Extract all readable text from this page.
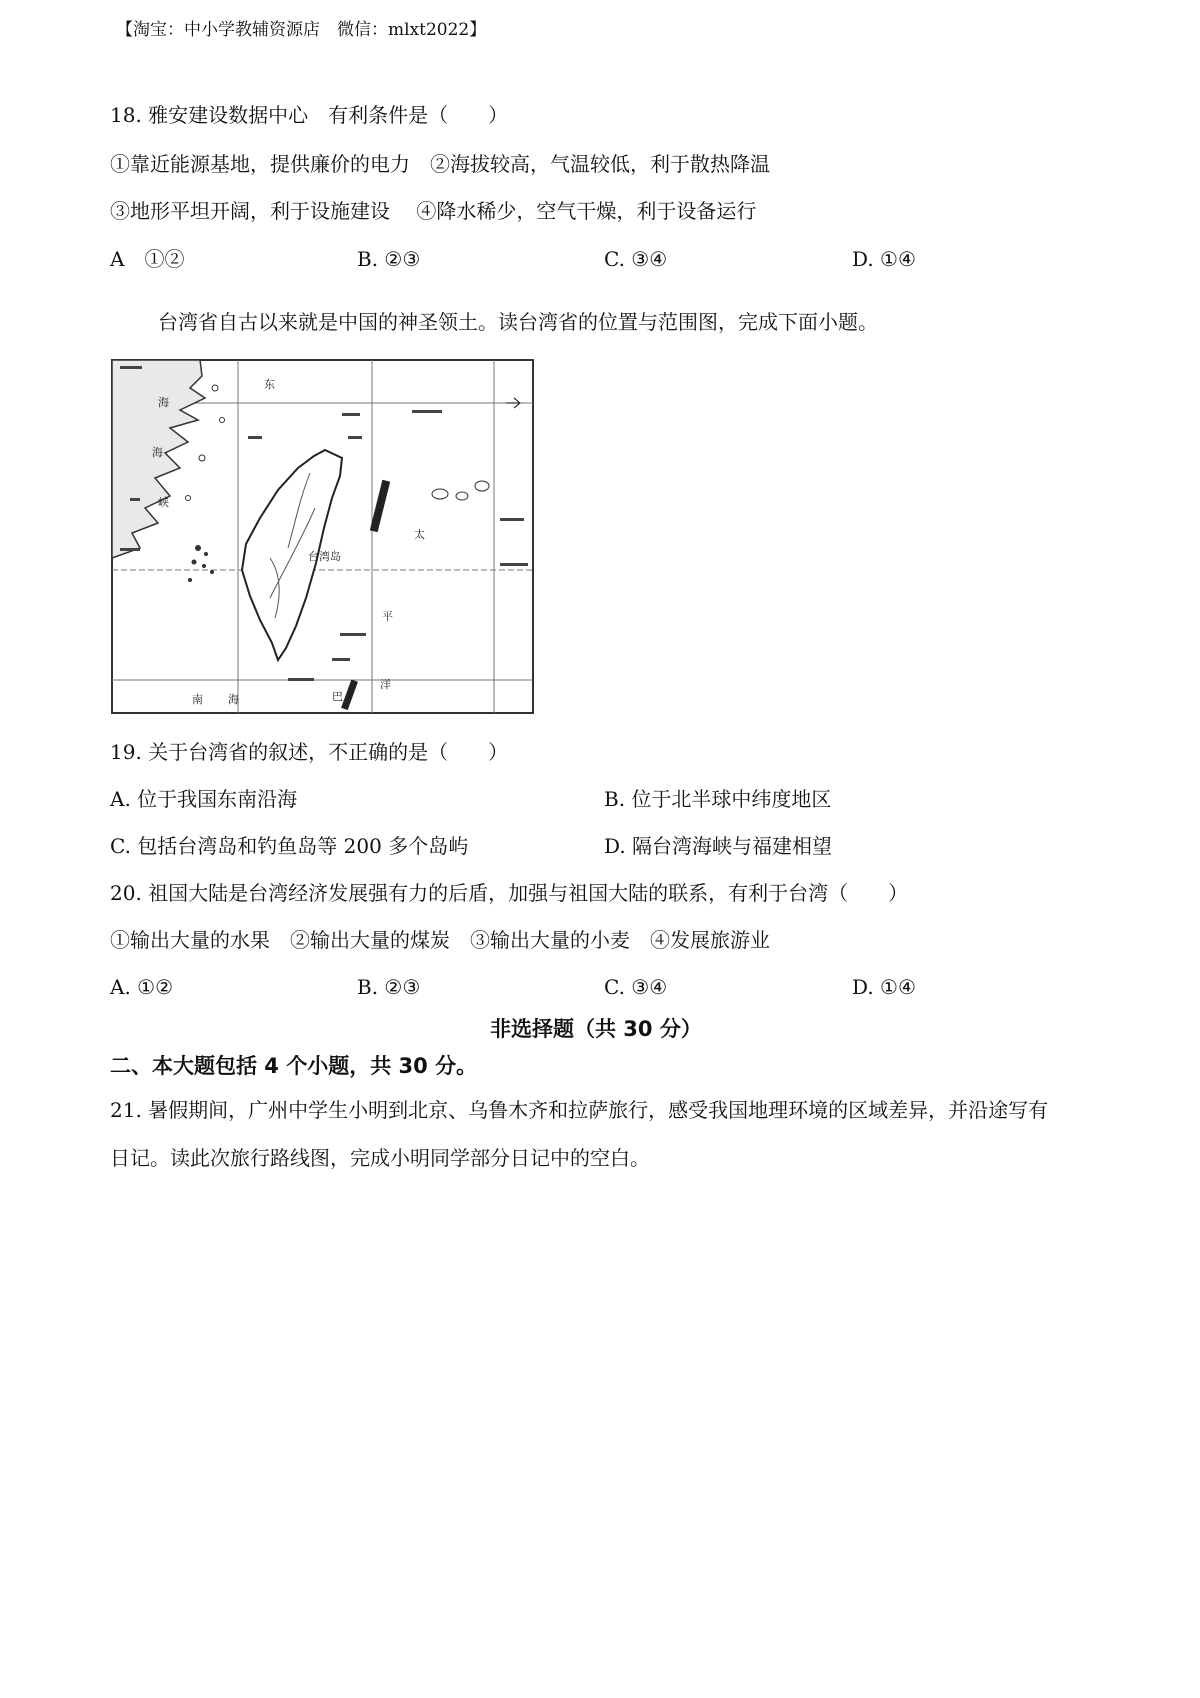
【淘宝：中小学教辅资源店　微信：mlxt2022】
18. 雅安建设数据中心　有利条件是（　　）
①靠近能源基地，提供廉价的电力　②海拔较高，气温较低，利于散热降温
③地形平坦开阔，利于设施建设　 ④降水稀少，空气干燥，利于设备运行
A　①②	B. ②③	C. ③④	D. ①④
台湾省自古以来就是中国的神圣领土。读台湾省的位置与范围图，完成下面小题。
东
海
台湾岛
太
平
洋
海
峡
南 海	巴
19. 关于台湾省的叙述，不正确的是（　　）
A. 位于我国东南沿海	B. 位于北半球中纬度地区
C. 包括台湾岛和钓鱼岛等 200 多个岛屿	D. 隔台湾海峡与福建相望
20. 祖国大陆是台湾经济发展强有力的后盾，加强与祖国大陆的联系，有利于台湾（　　）
①输出大量的水果　②输出大量的煤炭　③输出大量的小麦　④发展旅游业
A. ①②	B. ②③	C. ③④	D. ①④
非选择题（共 30 分）
二、本大题包括 4 个小题，共 30 分。
21. 暑假期间，广州中学生小明到北京、乌鲁木齐和拉萨旅行，感受我国地理环境的区域差异，并沿途写有
日记。读此次旅行路线图，完成小明同学部分日记中的空白。
